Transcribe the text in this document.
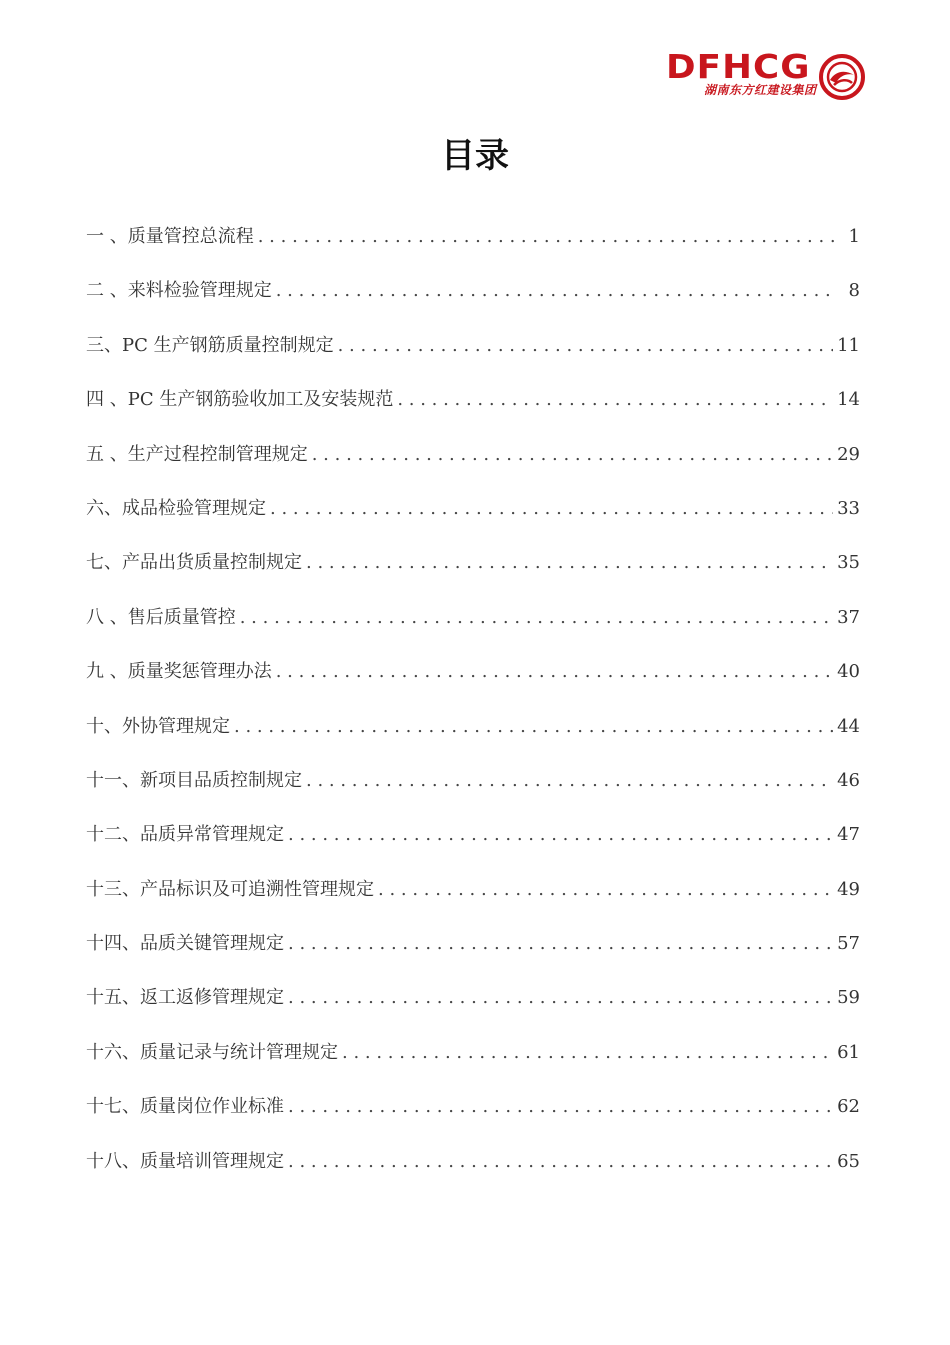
DFHCG
湖南东方红建设集团
目录
一 、质量管控总流程 . . .	1
二 、来料检验管理规定 . . .	8
三、PC 生产钢筋质量控制规定 . . .	11
四 、PC 生产钢筋验收加工及安装规范 . . .	14
五 、生产过程控制管理规定 . . .	29
六、成品检验管理规定 . . .	33
七、产品出货质量控制规定 . . .	35
八 、售后质量管控 . . .	37
九 、质量奖惩管理办法 . . .	40
十、外协管理规定 . . .	44
十一、新项目品质控制规定 . . .	46
十二、品质异常管理规定 . . .	47
十三、产品标识及可追溯性管理规定 . . .	49
十四、品质关键管理规定 . . .	57
十五、返工返修管理规定 . . .	59
十六、质量记录与统计管理规定 . . .	61
十七、质量岗位作业标准 . . .	62
十八、质量培训管理规定 . . .	65
